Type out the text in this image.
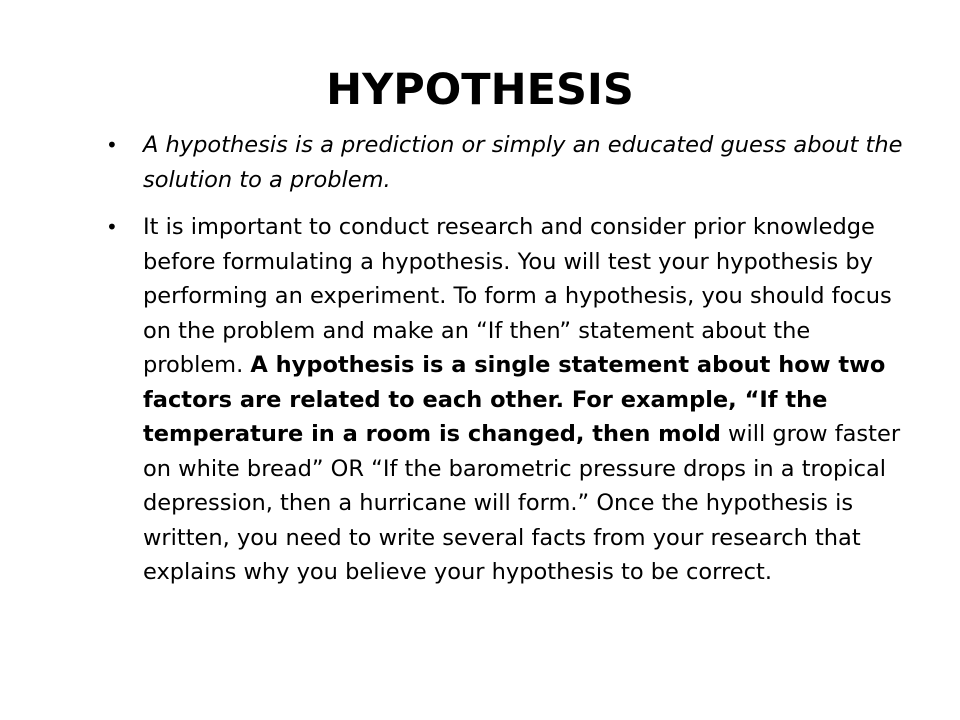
HYPOTHESIS
•	A hypothesis is a prediction or simply an educated guess about the solution to a problem.
•	It is important to conduct research and consider prior knowledge before formulating a hypothesis. You will test your hypothesis by performing an experiment. To form a hypothesis, you should focus on the problem and make an “If then” statement about the problem. A hypothesis is a single statement about how two factors are related to each other. For example, “If the temperature in a room is changed, then mold will grow faster on white bread” OR “If the barometric pressure drops in a tropical depression, then a hurricane will form.” Once the hypothesis is written, you need to write several facts from your research that explains why you believe your hypothesis to be correct.
